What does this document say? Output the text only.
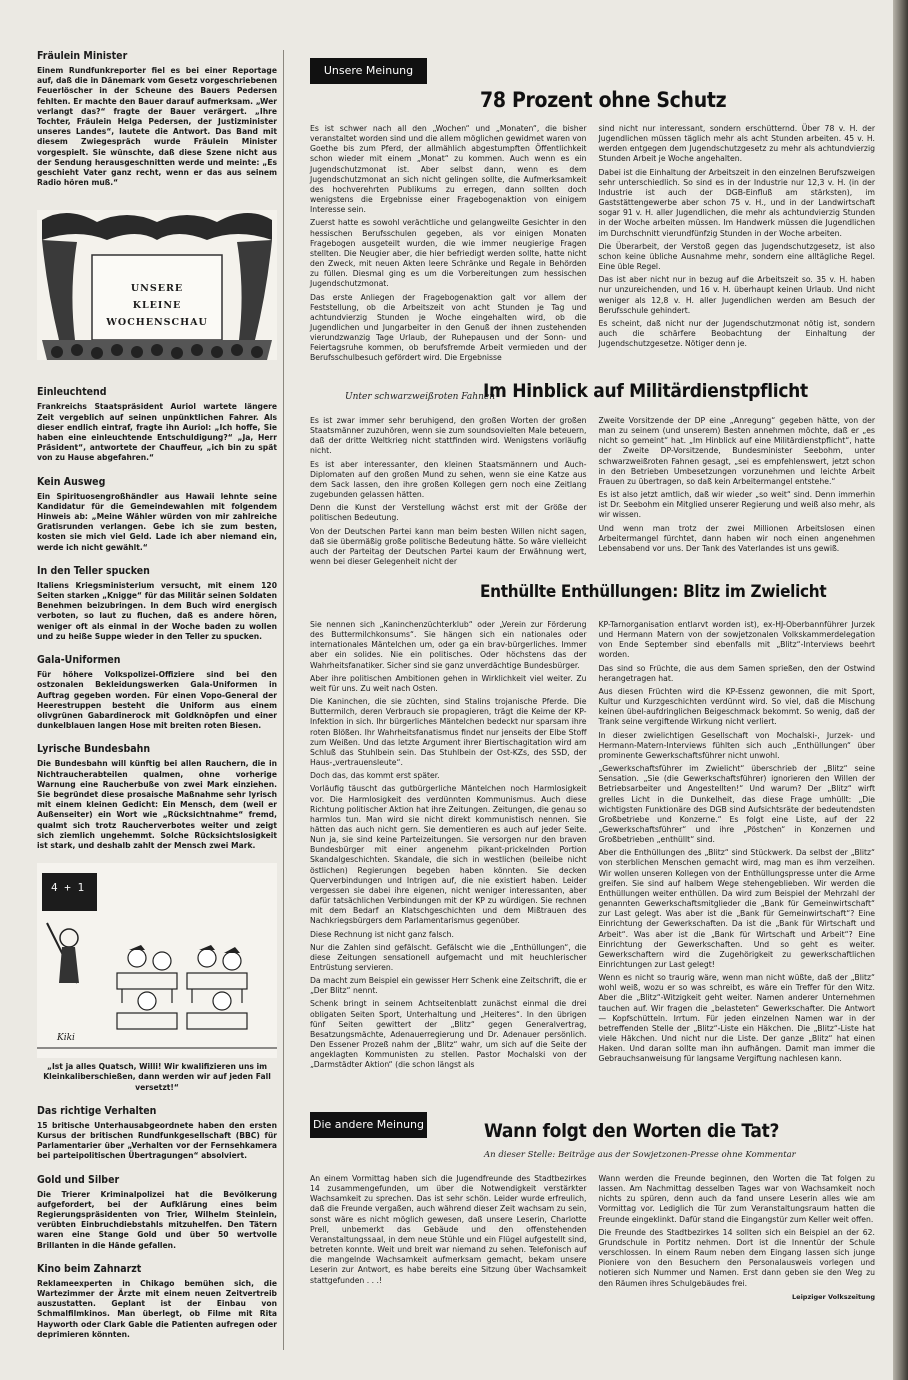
Fräulein Minister
Einem Rundfunkreporter fiel es bei einer Reportage auf, daß die in Dänemark vom Gesetz vorgeschriebenen Feuerlöscher in der Scheune des Bauers Pedersen fehlten. Er machte den Bauer darauf aufmerksam. „Wer verlangt das?“ fragte der Bauer verärgert. „Ihre Tochter, Fräulein Helga Pedersen, der Justizminister unseres Landes“, lautete die Antwort. Das Band mit diesem Zwiegespräch wurde Fräulein Minister vorgespielt. Sie wünschte, daß diese Szene nicht aus der Sendung herausgeschnitten werde und meinte: „Es geschieht Vater ganz recht, wenn er das aus seinem Radio hören muß.“
UNSERE
KLEINE
WOCHENSCHAU
Einleuchtend
Frankreichs Staatspräsident Auriol wartete längere Zeit vergeblich auf seinen unpünktlichen Fahrer. Als dieser endlich eintraf, fragte ihn Auriol: „Ich hoffe, Sie haben eine einleuchtende Entschuldigung?“ „Ja, Herr Präsident“, antwortete der Chauffeur, „ich bin zu spät von zu Hause abgefahren.“
Kein Ausweg
Ein Spirituosengroßhändler aus Hawaii lehnte seine Kandidatur für die Gemeindewahlen mit folgendem Hinweis ab: „Meine Wähler würden von mir zahlreiche Gratisrunden verlangen. Gebe ich sie zum besten, kosten sie mich viel Geld. Lade ich aber niemand ein, werde ich nicht gewählt.“
In den Teller spucken
Italiens Kriegsministerium versucht, mit einem 120 Seiten starken „Knigge“ für das Militär seinen Soldaten Benehmen beizubringen. In dem Buch wird energisch verboten, so laut zu fluchen, daß es andere hören, weniger oft als einmal in der Woche baden zu wollen und zu heiße Suppe wieder in den Teller zu spucken.
Gala-Uniformen
Für höhere Volkspolizei-Offiziere sind bei den ostzonalen Bekleidungswerken Gala-Uniformen in Auftrag gegeben worden. Für einen Vopo-General der Heerestruppen besteht die Uniform aus einem olivgrünen Gabardinerock mit Goldknöpfen und einer dunkelblauen langen Hose mit breiten roten Biesen.
Lyrische Bundesbahn
Die Bundesbahn will künftig bei allen Rauchern, die in Nichtraucherabteilen qualmen, ohne vorherige Warnung eine Raucherbuße von zwei Mark einziehen. Sie begründet diese prosaische Maßnahme sehr lyrisch mit einem kleinen Gedicht: Ein Mensch, dem (weil er Außenseiter) ein Wort wie „Rücksichtnahme“ fremd, qualmt sich trotz Raucherverbotes weiter und zeigt sich ziemlich ungehemmt. Solche Rücksichtslosigkeit ist stark, und deshalb zahlt der Mensch zwei Mark.
4 + 1
Kiki
„Ist ja alles Quatsch, Willi! Wir kwalifizieren uns im Kleinkaliberschießen, dann werden wir auf jeden Fall versetzt!“
Das richtige Verhalten
15 britische Unterhausabgeordnete haben den ersten Kursus der britischen Rundfunkgesellschaft (BBC) für Parlamentarier über „Verhalten vor der Fernsehkamera bei parteipolitischen Übertragungen“ absolviert.
Gold und Silber
Die Trierer Kriminalpolizei hat die Bevölkerung aufgefordert, bei der Aufklärung eines beim Regierungspräsidenten von Trier, Wilhelm Steinlein, verübten Einbruchdiebstahls mitzuhelfen. Den Tätern waren eine Stange Gold und über 50 wertvolle Brillanten in die Hände gefallen.
Kino beim Zahnarzt
Reklameexperten in Chikago bemühen sich, die Wartezimmer der Ärzte mit einem neuen Zeitvertreib auszustatten. Geplant ist der Einbau von Schmalfilmkinos. Man überlegt, ob Filme mit Rita Hayworth oder Clark Gable die Patienten aufregen oder deprimieren könnten.
Unsere Meinung
78 Prozent ohne Schutz

Es ist schwer nach all den „Wochen“ und „Monaten“, die bisher veranstaltet worden sind und die allem möglichen gewidmet waren von Goethe bis zum Pferd, der allmählich abgestumpften Öffentlichkeit schon wieder mit einem „Monat“ zu kommen. Auch wenn es ein Jugendschutzmonat ist. Aber selbst dann, wenn es dem Jugendschutzmonat an sich nicht gelingen sollte, die Aufmerksamkeit des hochverehrten Publikums zu erregen, dann sollten doch wenigstens die Ergebnisse einer Fragebogenaktion von einigem Interesse sein.

Zuerst hatte es sowohl verächtliche und gelangweilte Gesichter in den hessischen Berufsschulen gegeben, als vor einigen Monaten Fragebogen ausgeteilt wurden, die wie immer neugierige Fragen stellten. Die Neugier aber, die hier befriedigt werden sollte, hatte nicht den Zweck, mit neuen Akten leere Schränke und Regale in Behörden zu füllen. Diesmal ging es um die Vorbereitungen zum hessischen Jugendschutzmonat.

Das erste Anliegen der Fragebogenaktion galt vor allem der Feststellung, ob die Arbeitszeit von acht Stunden je Tag und achtundvierzig Stunden je Woche eingehalten wird, ob die Jugendlichen und Jungarbeiter in den Genuß der ihnen zustehenden vierundzwanzig Tage Urlaub, der Ruhepausen und der Sonn- und Feiertagsruhe kommen, ob berufsfremde Arbeit vermieden und der Berufsschulbesuch gefördert wird. Die Ergebnisse

sind nicht nur interessant, sondern erschütternd. Über 78 v. H. der Jugendlichen müssen täglich mehr als acht Stunden arbeiten. 45 v. H. werden entgegen dem Jugendschutzgesetz zu mehr als achtundvierzig Stunden Arbeit je Woche angehalten.

Dabei ist die Einhaltung der Arbeitszeit in den einzelnen Berufszweigen sehr unterschiedlich. So sind es in der Industrie nur 12,3 v. H. (in der Industrie ist auch der DGB-Einfluß am stärksten), im Gaststättengewerbe aber schon 75 v. H., und in der Landwirtschaft sogar 91 v. H. aller Jugendlichen, die mehr als achtundvierzig Stunden in der Woche arbeiten müssen. Im Handwerk müssen die Jugendlichen im Durchschnitt vierundfünfzig Stunden in der Woche arbeiten.

Die Überarbeit, der Verstoß gegen das Jugendschutzgesetz, ist also schon keine übliche Ausnahme mehr, sondern eine alltägliche Regel. Eine üble Regel.

Das ist aber nicht nur in bezug auf die Arbeitszeit so. 35 v. H. haben nur unzureichenden, und 16 v. H. überhaupt keinen Urlaub. Und nicht weniger als 12,8 v. H. aller Jugendlichen werden am Besuch der Berufsschule gehindert.

Es scheint, daß nicht nur der Jugendschutzmonat nötig ist, sondern auch die schärfere Beobachtung der Einhaltung der Jugendschutzgesetze. Nötiger denn je.

Unter schwarzweißroten Fahnen
Im Hinblick auf Militärdienstpflicht

Es ist zwar immer sehr beruhigend, den großen Worten der großen Staatsmänner zuzuhören, wenn sie zum soundsovielten Male beteuern, daß der dritte Weltkrieg nicht stattfinden wird. Wenigstens vorläufig nicht.

Es ist aber interessanter, den kleinen Staatsmännern und Auch-Diplomaten auf den großen Mund zu sehen, wenn sie eine Katze aus dem Sack lassen, den ihre großen Kollegen gern noch eine Zeitlang zugebunden gelassen hätten.

Denn die Kunst der Verstellung wächst erst mit der Größe der politischen Bedeutung.

Von der Deutschen Partei kann man beim besten Willen nicht sagen, daß sie übermäßig große politische Bedeutung hätte. So wäre vielleicht auch der Parteitag der Deutschen Partei kaum der Erwähnung wert, wenn bei dieser Gelegenheit nicht der

Zweite Vorsitzende der DP eine „Anregung“ gegeben hätte, von der man zu seinem (und unserem) Besten annehmen möchte, daß er „es nicht so gemeint“ hat. „Im Hinblick auf eine Militärdienstpflicht“, hatte der Zweite DP-Vorsitzende, Bundesminister Seebohm, unter schwarzweißroten Fahnen gesagt, „sei es empfehlenswert, jetzt schon in den Betrieben Umbesetzungen vorzunehmen und leichte Arbeit Frauen zu übertragen, so daß kein Arbeitermangel entstehe.“

Es ist also jetzt amtlich, daß wir wieder „so weit“ sind. Denn immerhin ist Dr. Seebohm ein Mitglied unserer Regierung und weiß also mehr, als wir wissen.

Und wenn man trotz der zwei Millionen Arbeitslosen einen Arbeitermangel fürchtet, dann haben wir noch einen angenehmen Lebensabend vor uns. Der Tank des Vaterlandes ist uns gewiß.

Enthüllte Enthüllungen: Blitz im Zwielicht

Sie nennen sich „Kaninchenzüchterklub“ oder „Verein zur Förderung des Buttermilchkonsums“. Sie hängen sich ein nationales oder internationales Mäntelchen um, oder ga ein brav-bürgerliches. Immer aber ein solides. Nie ein politisches. Oder höchstens das der Wahrheitsfanatiker. Sicher sind sie ganz unverdächtige Bundesbürger.

Aber ihre politischen Ambitionen gehen in Wirklichkeit viel weiter. Zu weit für uns. Zu weit nach Osten.

Die Kaninchen, die sie züchten, sind Stalins trojanische Pferde. Die Buttermilch, deren Verbrauch sie propagieren, trägt die Keime der KP-Infektion in sich. Ihr bürgerliches Mäntelchen bedeckt nur sparsam ihre roten Blößen. Ihr Wahrheitsfanatismus findet nur jenseits der Elbe Stoff zum Weißen. Und das letzte Argument ihrer Biertischagitation wird am Schluß das Stuhlbein sein. Das Stuhlbein der Ost-KZs, des SSD, der Haus-„vertrauensleute“.

Doch das, das kommt erst später.

Vorläufig täuscht das gutbürgerliche Mäntelchen noch Harmlosigkeit vor. Die Harmlosigkeit des verdünnten Kommunismus. Auch diese Richtung politischer Aktion hat ihre Zeitungen. Zeitungen, die genau so harmlos tun. Man wird sie nicht direkt kommunistisch nennen. Sie hätten das auch nicht gern. Sie dementieren es auch auf jeder Seite. Nun ja, sie sind keine Parteizeitungen. Sie versorgen nur den braven Bundesbürger mit einer angenehm pikant-prickelnden Portion Skandalgeschichten. Skandale, die sich in westlichen (beileibe nicht östlichen) Regierungen begeben haben könnten. Sie decken Querverbindungen und Intrigen auf, die nie existiert haben. Leider vergessen sie dabei ihre eigenen, nicht weniger interessanten, aber dafür tatsächlichen Verbindungen mit der KP zu würdigen. Sie rechnen mit dem Bedarf an Klatschgeschichten und dem Mißtrauen des Nachkriegsbürgers dem Parlamentarismus gegenüber.

Diese Rechnung ist nicht ganz falsch.

Nur die Zahlen sind gefälscht. Gefälscht wie die „Enthüllungen“, die diese Zeitungen sensationell aufgemacht und mit heuchlerischer Entrüstung servieren.

Da macht zum Beispiel ein gewisser Herr Schenk eine Zeitschrift, die er „Der Blitz“ nennt.

Schenk bringt in seinem Achtseitenblatt zunächst einmal die drei obligaten Seiten Sport, Unterhaltung und „Heiteres“. In den übrigen fünf Seiten gewittert der „Blitz“ gegen Generalvertrag, Besatzungsmächte, Adenauerregierung und Dr. Adenauer persönlich. Den Essener Prozeß nahm der „Blitz“ wahr, um sich auf die Seite der angeklagten Kommunisten zu stellen. Pastor Mochalski von der „Darmstädter Aktion“ (die schon längst als

KP-Tarnorganisation entlarvt worden ist), ex-HJ-Oberbannführer Jurzek und Hermann Matern von der sowjetzonalen Volkskammerdelegation von Ende September sind ebenfalls mit „Blitz“-Interviews beehrt worden.

Das sind so Früchte, die aus dem Samen sprießen, den der Ostwind herangetragen hat.

Aus diesen Früchten wird die KP-Essenz gewonnen, die mit Sport, Kultur und Kurzgeschichten verdünnt wird. So viel, daß die Mischung keinen übel-aufdringlichen Beigeschmack bekommt. So wenig, daß der Trank seine vergiftende Wirkung nicht verliert.

In dieser zwielichtigen Gesellschaft von Mochalski-, Jurzek- und Hermann-Matern-Interviews fühlten sich auch „Enthüllungen“ über prominente Gewerkschaftsführer nicht unwohl.

„Gewerkschaftsführer im Zwielicht“ überschrieb der „Blitz“ seine Sensation. „Sie (die Gewerkschaftsführer) ignorieren den Willen der Betriebsarbeiter und Angestellten!“ Und warum? Der „Blitz“ wirft grelles Licht in die Dunkelheit, das diese Frage umhüllt: „Die wichtigsten Funktionäre des DGB sind Aufsichtsräte der bedeutendsten Großbetriebe und Konzerne.“ Es folgt eine Liste, auf der 22 „Gewerkschaftsführer“ und ihre „Pöstchen“ in Konzernen und Großbetrieben „enthüllt“ sind.

Aber die Enthüllungen des „Blitz“ sind Stückwerk. Da selbst der „Blitz“ von sterblichen Menschen gemacht wird, mag man es ihm verzeihen. Wir wollen unseren Kollegen von der Enthüllungspresse unter die Arme greifen. Sie sind auf halbem Wege stehengeblieben. Wir werden die Enthüllungen weiter enthüllen. Da wird zum Beispiel der Mehrzahl der genannten Gewerkschaftsmitglieder die „Bank für Gemeinwirtschaft“ zur Last gelegt. Was aber ist die „Bank für Gemeinwirtschaft“? Eine Einrichtung der Gewerkschaften. Da ist die „Bank für Wirtschaft und Arbeit“. Was aber ist die „Bank für Wirtschaft und Arbeit“? Eine Einrichtung der Gewerkschaften. Und so geht es weiter. Gewerkschaftern wird die Zugehörigkeit zu gewerkschaftlichen Einrichtungen zur Last gelegt!

Wenn es nicht so traurig wäre, wenn man nicht wüßte, daß der „Blitz“ wohl weiß, wozu er so was schreibt, es wäre ein Treffer für den Witz. Aber die „Blitz“-Witzigkeit geht weiter. Namen anderer Unternehmen tauchen auf. Wir fragen die „belasteten“ Gewerkschafter. Die Antwort — Kopfschütteln. Irrtum. Für jeden einzelnen Namen war in der betreffenden Stelle der „Blitz“-Liste ein Häkchen. Die „Blitz“-Liste hat viele Häkchen. Und nicht nur die Liste. Der ganze „Blitz“ hat einen Haken. Und daran sollte man ihn aufhängen. Damit man immer die Gebrauchsanweisung für langsame Vergiftung nachlesen kann.

Die andere Meinung	Wann folgt den Worten die Tat?
An dieser Stelle: Beiträge aus der Sowjetzonen-Presse ohne Kommentar

An einem Vormittag haben sich die Jugendfreunde des Stadtbezirkes 14 zusammengefunden, um über die Notwendigkeit verstärkter Wachsamkeit zu sprechen. Das ist sehr schön. Leider wurde erfreulich, daß die Freunde vergaßen, auch während dieser Zeit wachsam zu sein, sonst wäre es nicht möglich gewesen, daß unsere Leserin, Charlotte Prell, unbemerkt das Gebäude und den offenstehenden Veranstaltungssaal, in dem neue Stühle und ein Flügel aufgestellt sind, betreten konnte. Weit und breit war niemand zu sehen. Telefonisch auf die mangelnde Wachsamkeit aufmerksam gemacht, bekam unsere Leserin zur Antwort, es habe bereits eine Sitzung über Wachsamkeit stattgefunden . . .!

Wann werden die Freunde beginnen, den Worten die Tat folgen zu lassen. Am Nachmittag desselben Tages war von Wachsamkeit noch nichts zu spüren, denn auch da fand unsere Leserin alles wie am Vormittag vor. Lediglich die Tür zum Veranstaltungsraum hatten die Freunde eingeklinkt. Dafür stand die Eingangstür zum Keller weit offen.

Die Freunde des Stadtbezirkes 14 sollten sich ein Beispiel an der 62. Grundschule in Portitz nehmen. Dort ist die Innentür der Schule verschlossen. In einem Raum neben dem Eingang lassen sich junge Pioniere von den Besuchern den Personalausweis vorlegen und notieren sich Nummer und Namen. Erst dann geben sie den Weg zu den Räumen ihres Schulgebäudes frei.

Leipziger Volkszeitung
